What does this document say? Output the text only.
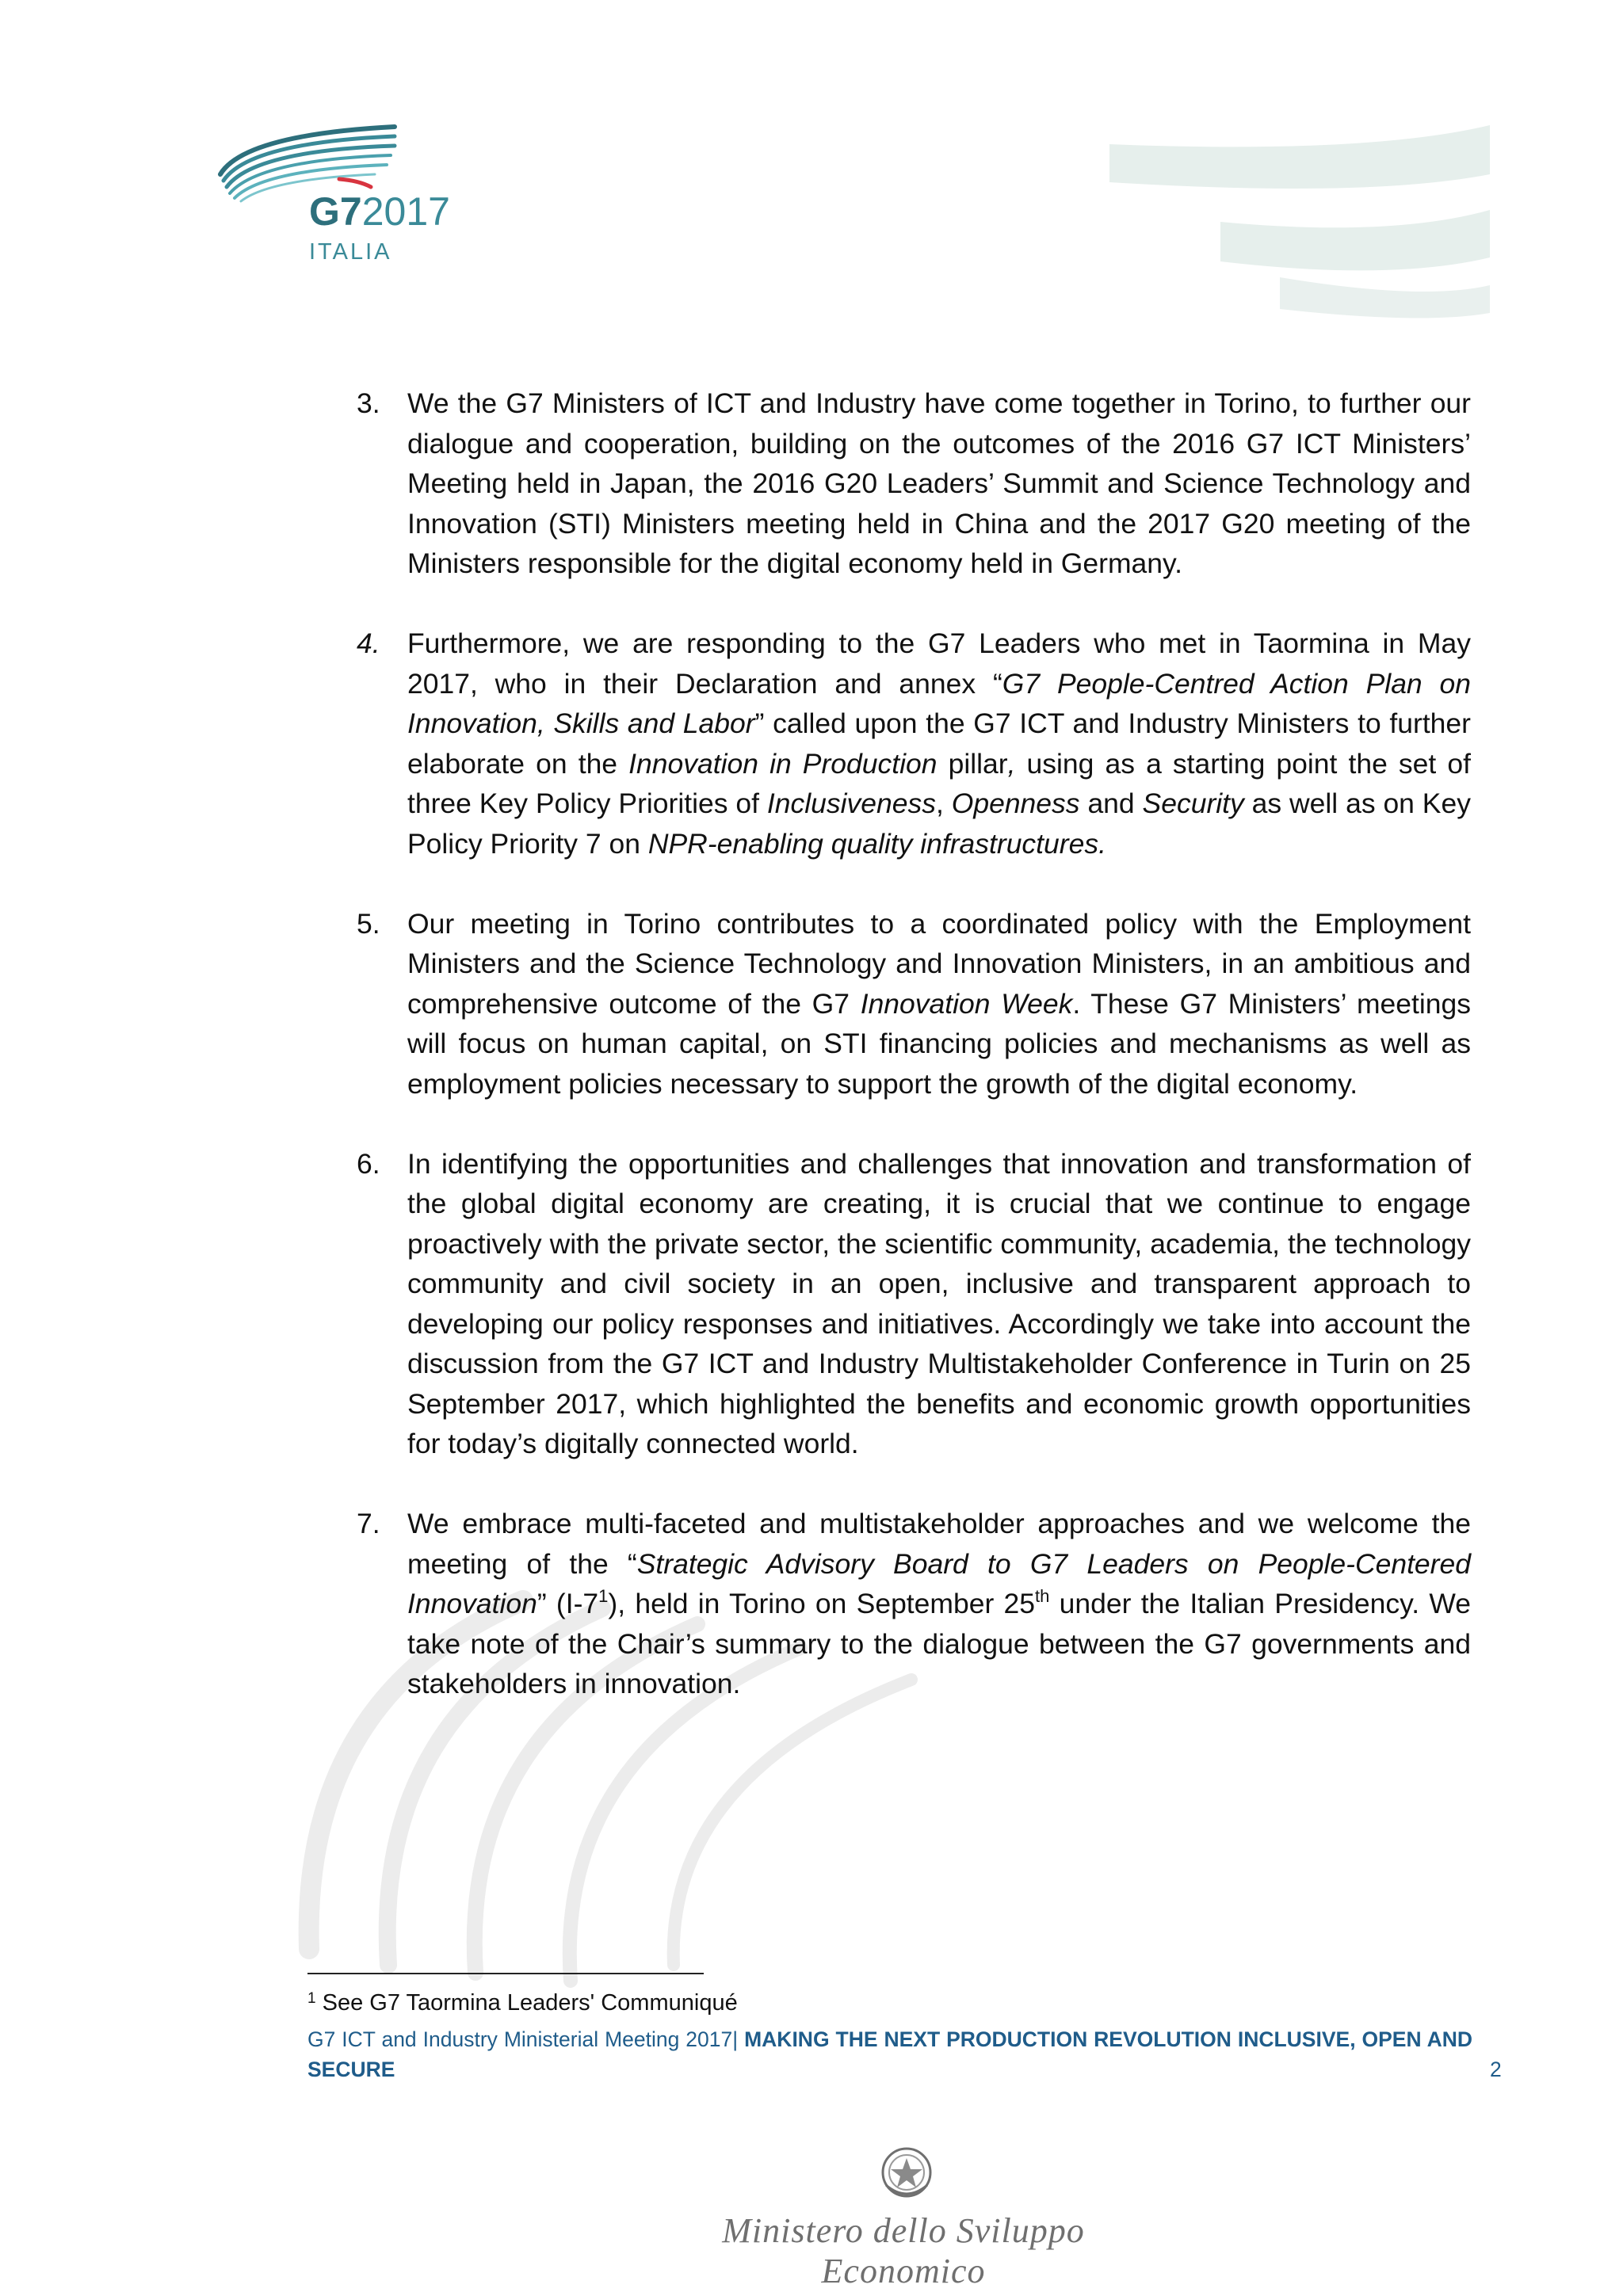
G72017
ITALIA
3. We the G7 Ministers of ICT and Industry have come together in Torino, to further our dialogue and cooperation, building on the outcomes of the 2016 G7 ICT Ministers’ Meeting held in Japan, the 2016 G20 Leaders’ Summit and Science Technology and Innovation (STI) Ministers meeting held in China and the 2017 G20 meeting of the Ministers responsible for the digital economy held in Germany.
4. Furthermore, we are responding to the G7 Leaders who met in Taormina in May 2017, who in their Declaration and annex “G7 People-Centred Action Plan on Innovation, Skills and Labor” called upon the G7 ICT and Industry Ministers to further elaborate on the Innovation in Production pillar, using as a starting point the set of three Key Policy Priorities of Inclusiveness, Openness and Security as well as on Key Policy Priority 7 on NPR-enabling quality infrastructures.
5. Our meeting in Torino contributes to a coordinated policy with the Employment Ministers and the Science Technology and Innovation Ministers, in an ambitious and comprehensive outcome of the G7 Innovation Week. These G7 Ministers’ meetings will focus on human capital, on STI financing policies and mechanisms as well as employment policies necessary to support the growth of the digital economy.
6. In identifying the opportunities and challenges that innovation and transformation of the global digital economy are creating, it is crucial that we continue to engage proactively with the private sector, the scientific community, academia, the technology community and civil society in an open, inclusive and transparent approach to developing our policy responses and initiatives. Accordingly we take into account the discussion from the G7 ICT and Industry Multistakeholder Conference in Turin on 25 September 2017, which highlighted the benefits and economic growth opportunities for today’s digitally connected world.
7. We embrace multi-faceted and multistakeholder approaches and we welcome the meeting of the “Strategic Advisory Board to G7 Leaders on People-Centered Innovation” $(I-7^1)$, held in Torino on September 25th under the Italian Presidency. We take note of the Chair’s summary to the dialogue between the G7 governments and stakeholders in innovation.
$^1$ See G7 Taormina Leaders' Communiqué
G7 ICT and Industry Ministerial Meeting 2017| MAKING THE NEXT PRODUCTION REVOLUTION INCLUSIVE, OPEN AND SECURE	2
Ministero dello Sviluppo Economico
